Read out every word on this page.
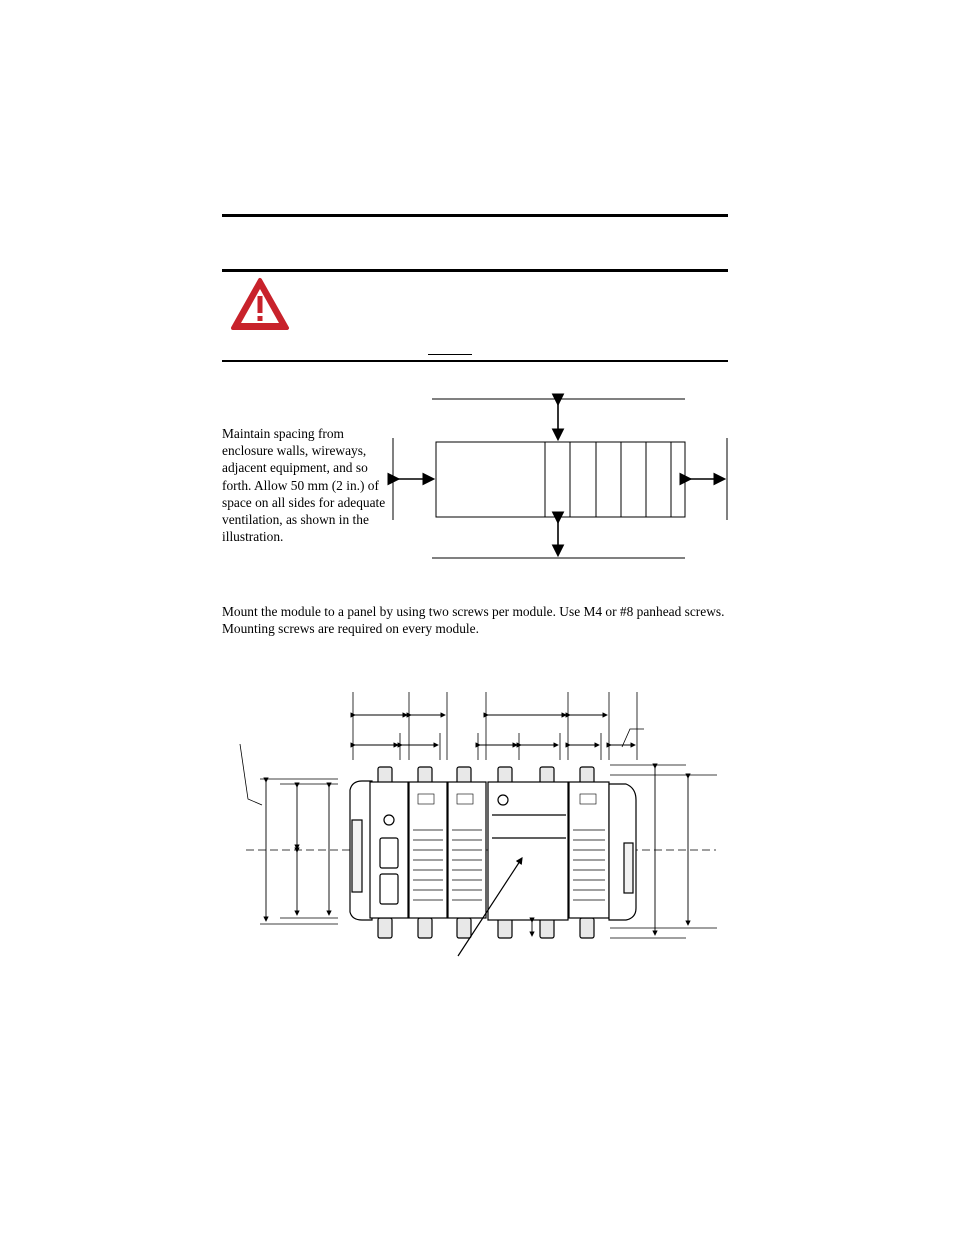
Maintain spacing from enclosure walls, wireways, adjacent equipment, and so forth. Allow 50 mm (2 in.) of space on all sides for adequate ventilation, as shown in the illustration.
Mount the module to a panel by using two screws per module. Use M4 or #8 panhead screws. Mounting screws are required on every module.
